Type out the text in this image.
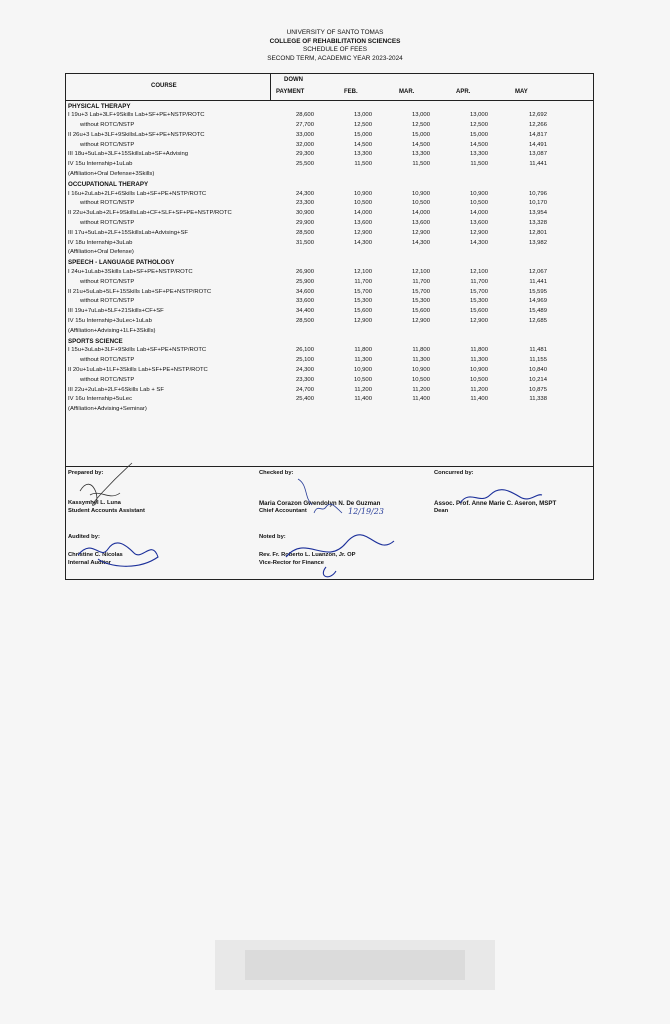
UNIVERSITY OF SANTO TOMAS
COLLEGE OF REHABILITATION SCIENCES
SCHEDULE OF FEES
SECOND TERM, ACADEMIC YEAR 2023-2024
COURSE
DOWN
PAYMENT	FEB.	MAR.	APR.	MAY
PHYSICAL THERAPY
I 19u+3 Lab+3LF+9Skills Lab+SF+PE+NSTP/ROTC	28,600	13,000	13,000	13,000	12,692
without ROTC/NSTP	27,700	12,500	12,500	12,500	12,266
II 26u+3 Lab+3LF+9SkillsLab+SF+PE+NSTP/ROTC	33,000	15,000	15,000	15,000	14,817
without ROTC/NSTP	32,000	14,500	14,500	14,500	14,491
III 18u+5uLab+3LF+15SkillsLab+SF+Advising	29,300	13,300	13,300	13,300	13,087
IV 15u Internship+1uLab	25,500	11,500	11,500	11,500	11,441
(Affiliation+Oral Defense+3Skills)
OCCUPATIONAL THERAPY
I 16u+2uLab+2LF+6Skills Lab+SF+PE+NSTP/ROTC	24,300	10,900	10,900	10,900	10,796
without ROTC/NSTP	23,300	10,500	10,500	10,500	10,170
II 22u+3uLab+2LF+9SkillsLab+CF+SLF+SF+PE+NSTP/ROTC	30,900	14,000	14,000	14,000	13,954
without ROTC/NSTP	29,900	13,600	13,600	13,600	13,328
III 17u+5uLab+2LF+15SkillsLab+Advising+SF	28,500	12,900	12,900	12,900	12,801
IV 18u Internship+3uLab	31,500	14,300	14,300	14,300	13,982
(Affiliation+Oral Defense)
SPEECH - LANGUAGE PATHOLOGY
I 24u+1uLab+3Skills Lab+SF+PE+NSTP/ROTC	26,900	12,100	12,100	12,100	12,067
without ROTC/NSTP	25,900	11,700	11,700	11,700	11,441
II 21u+5uLab+5LF+15Skills Lab+SF+PE+NSTP/ROTC	34,600	15,700	15,700	15,700	15,595
without ROTC/NSTP	33,600	15,300	15,300	15,300	14,969
III 19u+7uLab+5LF+21Skills+CF+SF	34,400	15,600	15,600	15,600	15,489
IV 15u Internship+3uLec+1uLab	28,500	12,900	12,900	12,900	12,685
(Affiliation+Advising+1LF+3Skills)
SPORTS SCIENCE
I 15u+3uLab+3LF+9Skills Lab+SF+PE+NSTP/ROTC	26,100	11,800	11,800	11,800	11,481
without ROTC/NSTP	25,100	11,300	11,300	11,300	11,155
II 20u+1uLab+1LF+3Skills Lab+SF+PE+NSTP/ROTC	24,300	10,900	10,900	10,900	10,840
without ROTC/NSTP	23,300	10,500	10,500	10,500	10,214
III 22u+2uLab+2LF+6Skills Lab + SF	24,700	11,200	11,200	11,200	10,875
IV 16u Internship+5uLec	25,400	11,400	11,400	11,400	11,338
(Affiliation+Advising+Seminar)
Prepared by:
Kassymhel L. Luna
Student Accounts Assistant
Checked by:
Maria Corazon Gwendolyn N. De Guzman
Chief Accountant	12/19/23
Concurred by:
Assoc. Prof. Anne Marie C. Aseron, MSPT
Dean
Audited by:
Christine C. Nicolas
Internal Auditor
Noted by:
Rev. Fr. Roberto L. Luanzon, Jr. OP
Vice-Rector for Finance
